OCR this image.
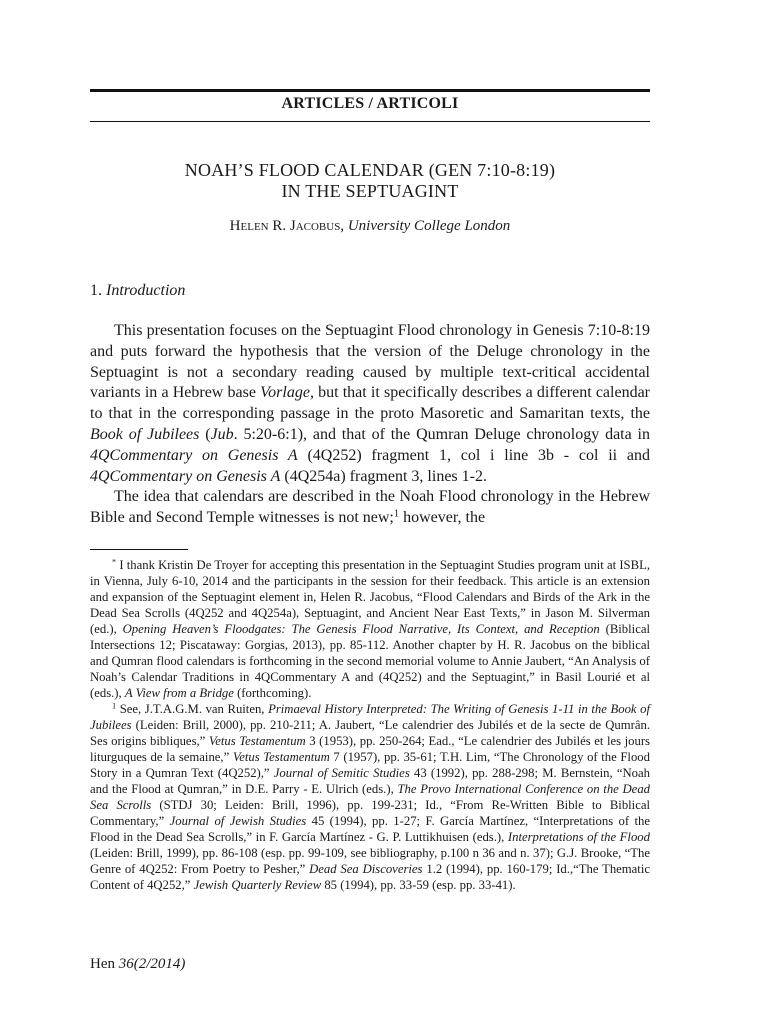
ARTICLES / ARTICOLI
NOAH’S FLOOD CALENDAR (GEN 7:10-8:19)
IN THE SEPTUAGINT
Helen R. Jacobus, University College London
1. Introduction

This presentation focuses on the Septuagint Flood chronology in Genesis 7:10-8:19 and puts forward the hypothesis that the version of the Deluge chronology in the Septuagint is not a secondary reading caused by multiple text-critical accidental variants in a Hebrew base Vorlage, but that it specifically describes a different calendar to that in the corresponding passage in the proto Masoretic and Samaritan texts, the Book of Jubilees (Jub. 5:20-6:1), and that of the Qumran Deluge chronology data in 4QCommentary on Genesis A (4Q252) fragment 1, col i line 3b - col ii and 4QCommentary on Genesis A (4Q254a) fragment 3, lines 1-2.

The idea that calendars are described in the Noah Flood chronology in the Hebrew Bible and Second Temple witnesses is not new;$^1$ however, the

* I thank Kristin De Troyer for accepting this presentation in the Septuagint Studies program unit at ISBL, in Vienna, July 6-10, 2014 and the participants in the session for their feedback. This article is an extension and expansion of the Septuagint element in, Helen R. Jacobus, “Flood Calendars and Birds of the Ark in the Dead Sea Scrolls (4Q252 and 4Q254a), Septuagint, and Ancient Near East Texts,” in Jason M. Silverman (ed.), Opening Heaven’s Floodgates: The Genesis Flood Narrative, Its Context, and Reception (Biblical Intersections 12; Piscataway: Gorgias, 2013), pp. 85-112. Another chapter by H. R. Jacobus on the biblical and Qumran flood calendars is forthcoming in the second memorial volume to Annie Jaubert, “An Analysis of Noah’s Calendar Traditions in 4QCommentary A and (4Q252) and the Septuagint,” in Basil Lourié et al (eds.), A View from a Bridge (forthcoming).

$^1$ See, J.T.A.G.M. van Ruiten, Primaeval History Interpreted: The Writing of Genesis 1-11 in the Book of Jubilees (Leiden: Brill, 2000), pp. 210-211; A. Jaubert, “Le calendrier des Jubilés et de la secte de Qumrân. Ses origins bibliques,” Vetus Testamentum 3 (1953), pp. 250-264; Ead., “Le calendrier des Jubilés et les jours liturguques de la semaine,” Vetus Testamentum 7 (1957), pp. 35-61; T.H. Lim, “The Chronology of the Flood Story in a Qumran Text (4Q252),” Journal of Semitic Studies 43 (1992), pp. 288-298; M. Bernstein, “Noah and the Flood at Qumran,” in D.E. Parry - E. Ulrich (eds.), The Provo International Conference on the Dead Sea Scrolls (STDJ 30; Leiden: Brill, 1996), pp. 199-231; Id., “From Re-Written Bible to Biblical Commentary,” Journal of Jewish Studies 45 (1994), pp. 1-27; F. García Martínez, “Interpretations of the Flood in the Dead Sea Scrolls,” in F. García Martínez - G. P. Luttikhuisen (eds.), Interpretations of the Flood (Leiden: Brill, 1999), pp. 86-108 (esp. pp. 99-109, see bibliography, p.100 n 36 and n. 37); G.J. Brooke, “The Genre of 4Q252: From Poetry to Pesher,” Dead Sea Discoveries 1.2 (1994), pp. 160-179; Id.,“The Thematic Content of 4Q252,” Jewish Quarterly Review 85 (1994), pp. 33-59 (esp. pp. 33-41).

Hen 36(2/2014)
